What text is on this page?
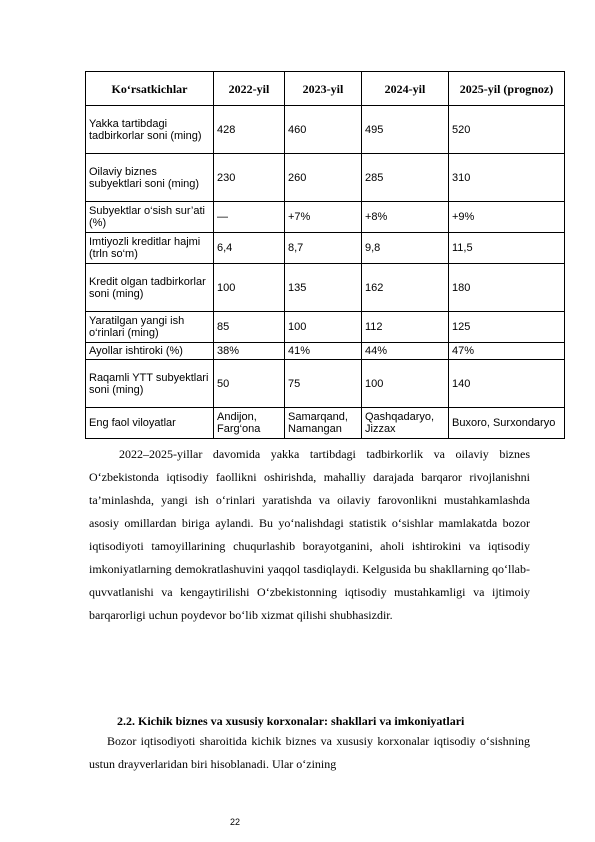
Ko‘rsatkichlar	2022-yil	2023-yil	2024-yil	2025-yil (prognoz)
Yakka tartibdagi tadbirkorlar soni (ming)	428	460	495	520
Oilaviy biznes subyektlari soni (ming)	230	260	285	310
Subyektlar o‘sish sur’ati (%)	—	+7%	+8%	+9%
Imtiyozli kreditlar hajmi (trln so‘m)	6,4	8,7	9,8	11,5
Kredit olgan tadbirkorlar soni (ming)	100	135	162	180
Yaratilgan yangi ish o‘rinlari (ming)	85	100	112	125
Ayollar ishtiroki (%)	38%	41%	44%	47%
Raqamli YTT subyektlari soni (ming)	50	75	100	140
Eng faol viloyatlar	Andijon, Farg‘ona	Samarqand, Namangan	Qashqadaryo, Jizzax	Buxoro, Surxondaryo

2022–2025-yillar davomida yakka tartibdagi tadbirkorlik va oilaviy biznes O‘zbekistonda iqtisodiy faollikni oshirishda, mahalliy darajada barqaror rivojlanishni ta’minlashda, yangi ish o‘rinlari yaratishda va oilaviy farovonlikni mustahkamlashda asosiy omillardan biriga aylandi. Bu yo‘nalishdagi statistik o‘sishlar mamlakatda bozor iqtisodiyoti tamoyillarining chuqurlashib borayotganini, aholi ishtirokini va iqtisodiy imkoniyatlarning demokratlashuvini yaqqol tasdiqlaydi. Kelgusida bu shakllarning qo‘llab-quvvatlanishi va kengaytirilishi O‘zbekistonning iqtisodiy mustahkamligi va ijtimoiy barqarorligi uchun poydevor bo‘lib xizmat qilishi shubhasizdir.

2.2. Kichik biznes va xususiy korxonalar: shakllari va imkoniyatlari

Bozor iqtisodiyoti sharoitida kichik biznes va xususiy korxonalar iqtisodiy o‘sishning ustun drayverlaridan biri hisoblanadi. Ular o‘zining

22
